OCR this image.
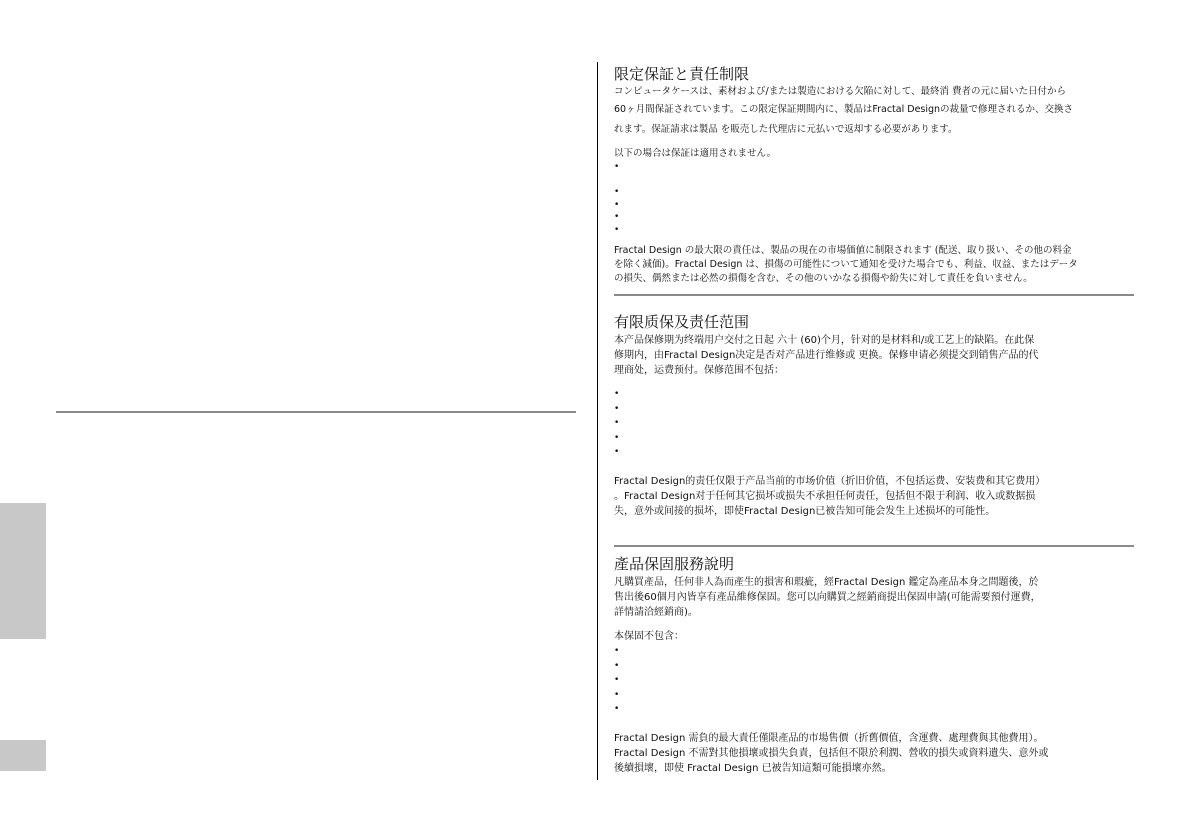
限定保証と責任制限
コンピュータケースは、素材および/または製造における欠陥に対して、最終消 費者の元に届いた日付から
60ヶ月間保証されています。この限定保証期間内に、製品はFractal Designの裁量で修理されるか、交換さ
れます。保証請求は製品 を販売した代理店に元払いで返却する必要があります。
以下の場合は保証は適用されません。
•
•
•
•
•
Fractal Design の最大限の責任は、製品の現在の市場価値に制限されます (配送、取り扱い、その他の料金
を除く減価)。Fractal Design は、損傷の可能性について通知を受けた場合でも、利益、収益、またはデータ
の損失、偶然または必然の損傷を含む、その他のいかなる損傷や紛失に対して責任を負いません。
有限质保及责任范围
本产品保修期为终端用户交付之日起 六十 (60)个月，针对的是材料和/或工艺上的缺陷。在此保
修期内，由Fractal Design决定是否对产品进行维修或 更换。保修申请必须提交到销售产品的代
理商处，运费预付。保修范围不包括：
•
•
•
•
•
Fractal Design的责任仅限于产品当前的市场价值（折旧价值，不包括运费、安装费和其它费用）
。Fractal Design对于任何其它损坏或损失不承担任何责任，包括但不限于利润、收入或数据损
失，意外或间接的损坏，即使Fractal Design已被告知可能会发生上述损坏的可能性。
產品保固服務說明
凡購買產品，任何非人為而產生的損害和瑕疵，經Fractal Design 鑑定為產品本身之問題後，於
售出後60個月內皆享有產品維修保固。您可以向購買之經銷商提出保固申請(可能需要預付運費，
詳情請洽經銷商)。
本保固不包含：
•
•
•
•
•
Fractal Design 需負的最大責任僅限產品的市場售價（折舊價值，含運費、處理費與其他費用）。
Fractal Design 不需對其他損壞或損失負責，包括但不限於利潤、營收的損失或資料遺失、意外或
後續損壞，即使 Fractal Design 已被告知這類可能損壞亦然。
